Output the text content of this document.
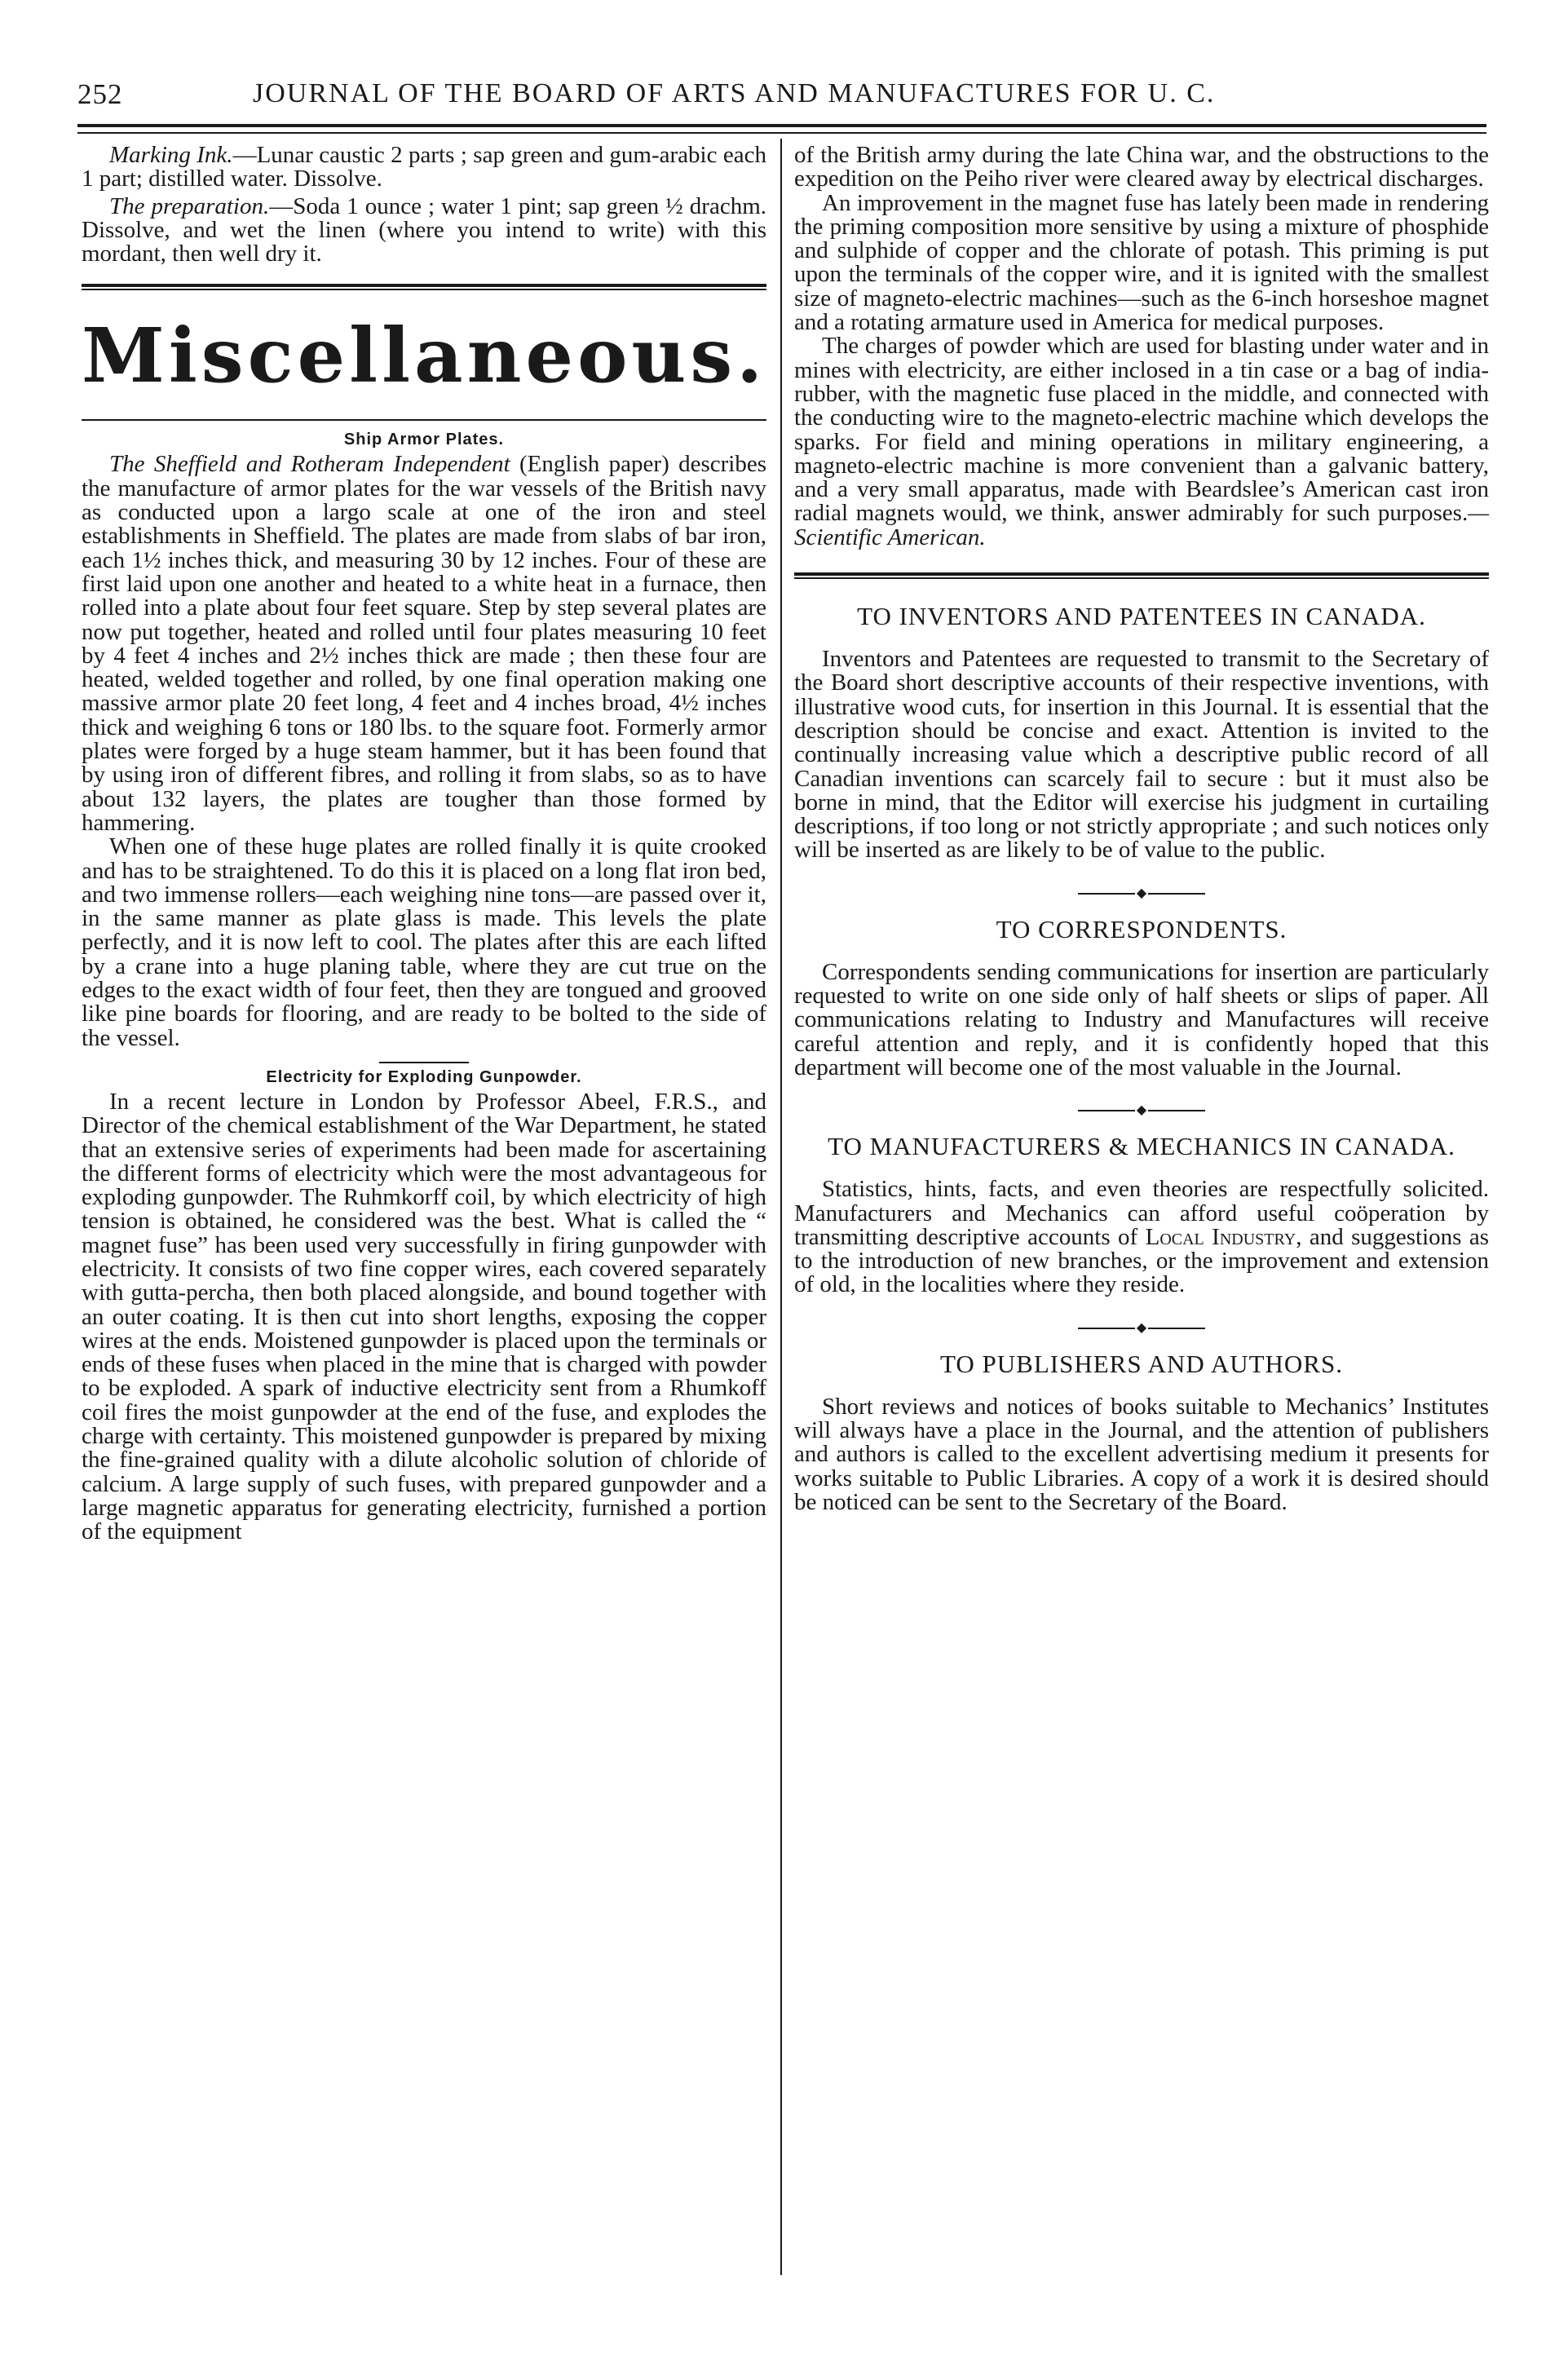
252	JOURNAL OF THE BOARD OF ARTS AND MANUFACTURES FOR U. C.

Marking Ink.—Lunar caustic 2 parts ; sap green and gum-arabic each 1 part; distilled water. Dissolve.

The preparation.—Soda 1 ounce ; water 1 pint; sap green ½ drachm. Dissolve, and wet the linen (where you intend to write) with this mordant, then well dry it.

Miscellaneous.
Ship Armor Plates.

The Sheffield and Rotheram Independent (English paper) describes the manufacture of armor plates for the war vessels of the British navy as conducted upon a largo scale at one of the iron and steel establishments in Sheffield. The plates are made from slabs of bar iron, each 1½ inches thick, and measuring 30 by 12 inches. Four of these are first laid upon one another and heated to a white heat in a furnace, then rolled into a plate about four feet square. Step by step several plates are now put together, heated and rolled until four plates measuring 10 feet by 4 feet 4 inches and 2½ inches thick are made ; then these four are heated, welded together and rolled, by one final operation making one massive armor plate 20 feet long, 4 feet and 4 inches broad, 4½ inches thick and weighing 6 tons or 180 lbs. to the square foot. Formerly armor plates were forged by a huge steam hammer, but it has been found that by using iron of different fibres, and rolling it from slabs, so as to have about 132 layers, the plates are tougher than those formed by hammering.

When one of these huge plates are rolled finally it is quite crooked and has to be straightened. To do this it is placed on a long flat iron bed, and two immense rollers—each weighing nine tons—are passed over it, in the same manner as plate glass is made. This levels the plate perfectly, and it is now left to cool. The plates after this are each lifted by a crane into a huge planing table, where they are cut true on the edges to the exact width of four feet, then they are tongued and grooved like pine boards for flooring, and are ready to be bolted to the side of the vessel.

Electricity for Exploding Gunpowder.

In a recent lecture in London by Professor Abeel, F.R.S., and Director of the chemical establishment of the War Department, he stated that an extensive series of experiments had been made for ascertaining the different forms of electricity which were the most advantageous for exploding gunpowder. The Ruhmkorff coil, by which electricity of high tension is obtained, he considered was the best. What is called the “ magnet fuse” has been used very successfully in firing gunpowder with electricity. It consists of two fine copper wires, each covered separately with gutta-percha, then both placed alongside, and bound together with an outer coating. It is then cut into short lengths, exposing the copper wires at the ends. Moistened gunpowder is placed upon the terminals or ends of these fuses when placed in the mine that is charged with powder to be exploded. A spark of inductive electricity sent from a Rhumkoff coil fires the moist gunpowder at the end of the fuse, and explodes the charge with certainty. This moistened gunpowder is prepared by mixing the fine-grained quality with a dilute alcoholic solution of chloride of calcium. A large supply of such fuses, with prepared gunpowder and a large magnetic apparatus for generating electricity, furnished a portion of the equipment

of the British army during the late China war, and the obstructions to the expedition on the Peiho river were cleared away by electrical discharges.

An improvement in the magnet fuse has lately been made in rendering the priming composition more sensitive by using a mixture of phosphide and sulphide of copper and the chlorate of potash. This priming is put upon the terminals of the copper wire, and it is ignited with the smallest size of magneto-electric machines—such as the 6-inch horseshoe magnet and a rotating armature used in America for medical purposes.

The charges of powder which are used for blasting under water and in mines with electricity, are either inclosed in a tin case or a bag of india-rubber, with the magnetic fuse placed in the middle, and connected with the conducting wire to the magneto-electric machine which develops the sparks. For field and mining operations in military engineering, a magneto-electric machine is more convenient than a galvanic battery, and a very small apparatus, made with Beardslee’s American cast iron radial magnets would, we think, answer admirably for such purposes.—Scientific American.

TO INVENTORS AND PATENTEES IN CANADA.

Inventors and Patentees are requested to transmit to the Secretary of the Board short descriptive accounts of their respective inventions, with illustrative wood cuts, for insertion in this Journal. It is essential that the description should be concise and exact. Attention is invited to the continually increasing value which a descriptive public record of all Canadian inventions can scarcely fail to secure : but it must also be borne in mind, that the Editor will exercise his judgment in curtailing descriptions, if too long or not strictly appropriate ; and such notices only will be inserted as are likely to be of value to the public.

◆
TO CORRESPONDENTS.

Correspondents sending communications for insertion are particularly requested to write on one side only of half sheets or slips of paper. All communications relating to Industry and Manufactures will receive careful attention and reply, and it is confidently hoped that this department will become one of the most valuable in the Journal.

◆
TO MANUFACTURERS & MECHANICS IN CANADA.

Statistics, hints, facts, and even theories are respectfully solicited. Manufacturers and Mechanics can afford useful coöperation by transmitting descriptive accounts of Local Industry, and suggestions as to the introduction of new branches, or the improvement and extension of old, in the localities where they reside.

◆
TO PUBLISHERS AND AUTHORS.

Short reviews and notices of books suitable to Mechanics’ Institutes will always have a place in the Journal, and the attention of publishers and authors is called to the excellent advertising medium it presents for works suitable to Public Libraries. A copy of a work it is desired should be noticed can be sent to the Secretary of the Board.
